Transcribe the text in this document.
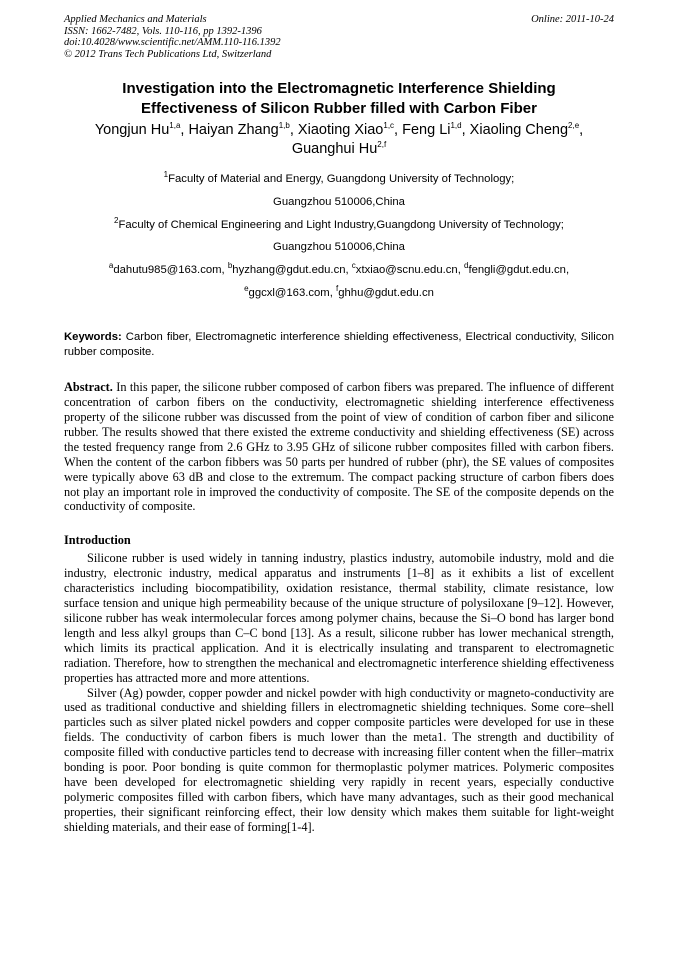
Applied Mechanics and Materials
ISSN: 1662-7482, Vols. 110-116, pp 1392-1396
doi:10.4028/www.scientific.net/AMM.110-116.1392
© 2012 Trans Tech Publications Ltd, Switzerland
Online: 2011-10-24
Investigation into the Electromagnetic Interference Shielding
Effectiveness of Silicon Rubber filled with Carbon Fiber
Yongjun Hu$^{1,a}$, Haiyan Zhang$^{1,b}$, Xiaoting Xiao$^{1,c}$, Feng Li$^{1,d}$, Xiaoling Cheng$^{2,e}$,
Guanghui Hu$^{2,f}$
$^1$Faculty of Material and Energy, Guangdong University of Technology;
Guangzhou 510006,China
$^2$Faculty of Chemical Engineering and Light Industry,Guangdong University of Technology;
Guangzhou 510006,China
$^a$dahutu985@163.com, $^b$hyzhang@gdut.edu.cn, $^c$xtxiao@scnu.edu.cn, $^d$fengli@gdut.edu.cn,
$^e$ggcxl@163.com, $^f$ghhu@gdut.edu.cn
Keywords: Carbon fiber, Electromagnetic interference shielding effectiveness, Electrical conductivity, Silicon rubber composite.
Abstract. In this paper, the silicone rubber composed of carbon fibers was prepared. The influence of different concentration of carbon fibers on the conductivity, electromagnetic shielding interference effectiveness property of the silicone rubber was discussed from the point of view of condition of carbon fiber and silicone rubber. The results showed that there existed the extreme conductivity and shielding effectiveness (SE) across the tested frequency range from 2.6 GHz to 3.95 GHz of silicone rubber composites filled with carbon fibers. When the content of the carbon fibbers was 50 parts per hundred of rubber (phr), the SE values of composites were typically above 63 dB and close to the extremum. The compact packing structure of carbon fibers does not play an important role in improved the conductivity of composite. The SE of the composite depends on the conductivity of composite.
Introduction
Silicone rubber is used widely in tanning industry, plastics industry, automobile industry, mold and die industry, electronic industry, medical apparatus and instruments [1–8] as it exhibits a list of excellent characteristics including biocompatibility, oxidation resistance, thermal stability, climate resistance, low surface tension and unique high permeability because of the unique structure of polysiloxane [9–12]. However, silicone rubber has weak intermolecular forces among polymer chains, because the Si–O bond has larger bond length and less alkyl groups than C–C bond [13]. As a result, silicone rubber has lower mechanical strength, which limits its practical application. And it is electrically insulating and transparent to electromagnetic radiation. Therefore, how to strengthen the mechanical and electromagnetic interference shielding effectiveness properties has attracted more and more attentions.
Silver (Ag) powder, copper powder and nickel powder with high conductivity or magneto-conductivity are used as traditional conductive and shielding fillers in electromagnetic shielding techniques. Some core–shell particles such as silver plated nickel powders and copper composite particles were developed for use in these fields. The conductivity of carbon fibers is much lower than the meta1. The strength and ductibility of composite filled with conductive particles tend to decrease with increasing filler content when the filler–matrix bonding is poor. Poor bonding is quite common for thermoplastic polymer matrices. Polymeric composites have been developed for electromagnetic shielding very rapidly in recent years, especially conductive polymeric composites filled with carbon fibers, which have many advantages, such as their good mechanical properties, their significant reinforcing effect, their low density which makes them suitable for light-weight shielding materials, and their ease of forming[1-4].
